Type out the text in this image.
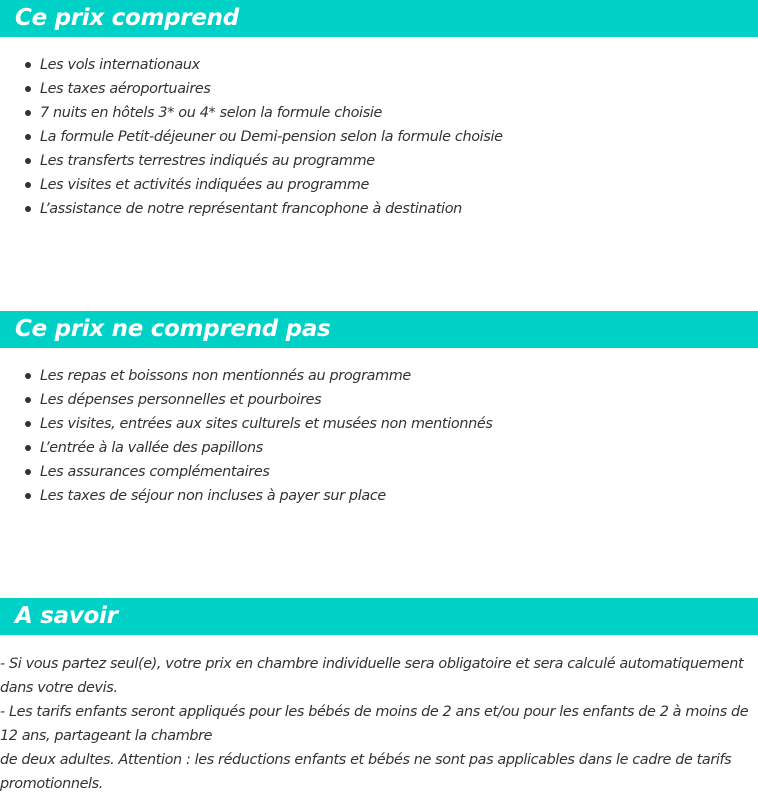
Ce prix comprend
Les vols internationaux
Les taxes aéroportuaires
7 nuits en hôtels 3* ou 4* selon la formule choisie
La formule Petit-déjeuner ou Demi-pension selon la formule choisie
Les transferts terrestres indiqués au programme
Les visites et activités indiquées au programme
L’assistance de notre représentant francophone à destination
Ce prix ne comprend pas
Les repas et boissons non mentionnés au programme
Les dépenses personnelles et pourboires
Les visites, entrées aux sites culturels et musées non mentionnés
L’entrée à la vallée des papillons
Les assurances complémentaires
Les taxes de séjour non incluses à payer sur place
A savoir

- Si vous partez seul(e), votre prix en chambre individuelle sera obligatoire et sera calculé automatiquement dans votre devis.

- Les tarifs enfants seront appliqués pour les bébés de moins de 2 ans et/ou pour les enfants de 2 à moins de 12 ans, partageant la chambre

de deux adultes. Attention : les réductions enfants et bébés ne sont pas applicables dans le cadre de tarifs promotionnels.
